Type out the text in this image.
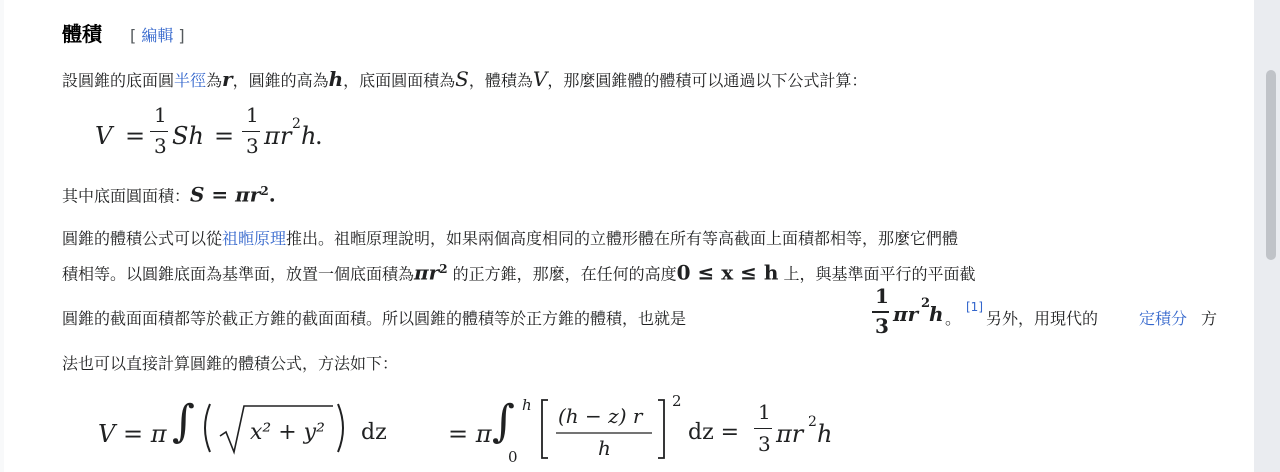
體積 [ 編輯 ]
設圓錐的底面圓半徑為r，圓錐的高為h，底面圓面積為S，體積為V，那麼圓錐體的體積可以通過以下公式計算：
V =
1
3 Sh =
1
3 π r 2 h
.
其中底面圓面積：$S = \pi r^2$.
圓錐的體積公式可以從祖暅原理推出。祖暅原理說明，如果兩個高度相同的立體形體在所有等高截面上面積都相等，那麼它們體
積相等。以圓錐底面為基準面，放置一個底面積為$\pi r^2$ 的正方錐，那麼，在任何的高度0 ≤ x ≤ h 上，與基準面平行的平面截
圓錐的截面面積都等於截正方錐的截面面積。所以圓錐的體積等於正方錐的體積，也就是
1
3 πr 2
h 。
[1]
另外，用現代的	定積分 方
法也可以直接計算圓錐的體積公式，方法如下：
V = π ∫	x² + y² dz	= π ∫ h
0
(h − z) r
h
2
dz =
1
3 πr 2 h
